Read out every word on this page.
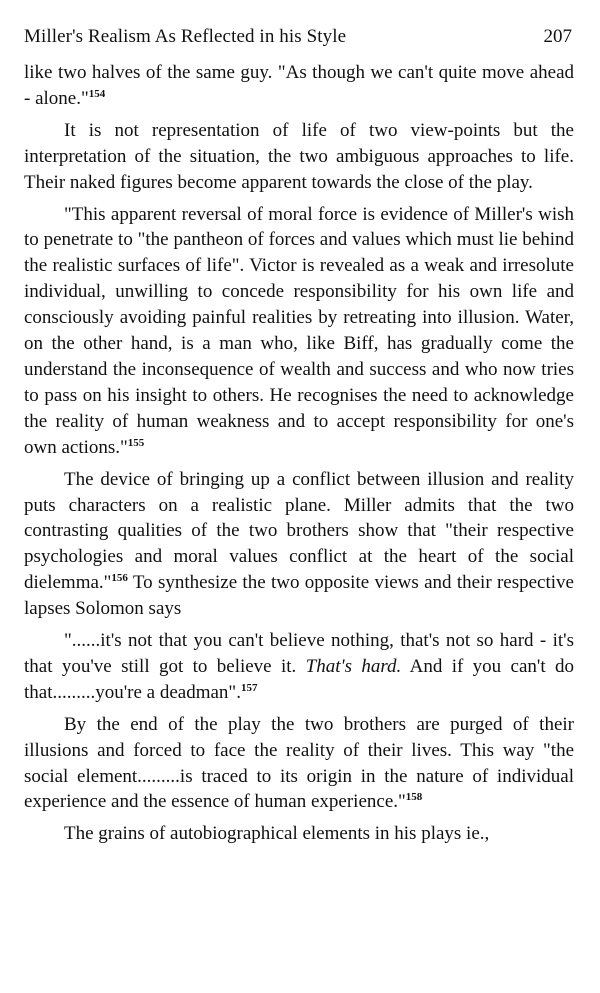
Miller's Realism As Reflected in his Style	207

like two halves of the same guy. "As though we can't quite move ahead - alone."$^{154}$

It is not representation of life of two view-points but the interpretation of the situation, the two ambiguous approaches to life. Their naked figures become apparent towards the close of the play.

"This apparent reversal of moral force is evidence of Miller's wish to penetrate to "the pantheon of forces and values which must lie behind the realistic surfaces of life". Victor is revealed as a weak and irresolute individual, unwilling to concede responsibility for his own life and consciously avoiding painful realities by retreating into illusion. Water, on the other hand, is a man who, like Biff, has gradually come the understand the inconsequence of wealth and success and who now tries to pass on his insight to others. He recognises the need to acknowledge the reality of human weakness and to accept responsibility for one's own actions."$^{155}$

The device of bringing up a conflict between illusion and reality puts characters on a realistic plane. Miller admits that the two contrasting qualities of the two brothers show that "their respective psychologies and moral values conflict at the heart of the social dielemma."$^{156}$ To synthesize the two opposite views and their respective lapses Solomon says

"......it's not that you can't believe nothing, that's not so hard - it's that you've still got to believe it. That's hard. And if you can't do that.........you're a deadman".$^{157}$

By the end of the play the two brothers are purged of their illusions and forced to face the reality of their lives. This way "the social element.........is traced to its origin in the nature of individual experience and the essence of human experience."$^{158}$

The grains of autobiographical elements in his plays ie.,
